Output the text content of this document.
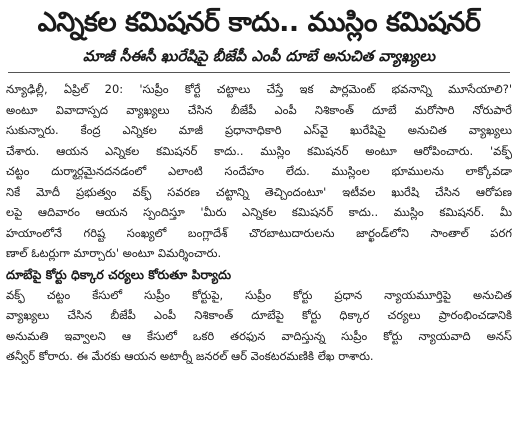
ఎన్నికల కమిషనర్ కాదు.. ముస్లిం కమిషనర్
మాజీ సీఈసీ ఖురేషిపై బీజేపీ ఎంపీ దూబే అనుచిత వ్యాఖ్యలు
న్యూఢిల్లీ, ఏప్రిల్ 20: 'సుప్రీం కోర్టే చట్టాలు చేస్తే ఇక పార్లమెంట్ భవనాన్ని మూసేయాలి?'
అంటూ వివాదాస్పద వ్యాఖ్యలు చేసిన బీజేపీ ఎంపీ నిశికాంత్ దూబే మరోసారి నోరుపారే
సుకున్నారు. కేంద్ర ఎన్నికల మాజీ ప్రధానాధికారి ఎస్‌వై ఖురేషిపై అనుచిత వ్యాఖ్యలు
చేశారు. ఆయన ఎన్నికల కమిషనర్ కాదు.. ముస్లిం కమిషనర్ అంటూ ఆరోపించారు. 'వక్ఫ్
చట్టం దుర్మార్గమైనదనడంలో ఎలాంటి సందేహం లేదు. ముస్లింల భూములను లాక్కోవడా
నికే మోదీ ప్రభుత్వం వక్ఫ్ సవరణ చట్టాన్ని తెచ్చిందంటూ' ఇటీవల ఖురేషి చేసిన ఆరోపణ
లపై ఆదివారం ఆయన స్పందిస్తూ 'మీరు ఎన్నికల కమిషనర్ కాదు.. ముస్లిం కమిషనర్. మీ
హయాంలోనే గరిష్ట సంఖ్యలో బంగ్లాదేశ్ చొరబాటుదారులను జార్ఖండ్‌లోని సాంతాల్ పరగ
ణాల్ ఓటర్లుగా మార్చారు' అంటూ విమర్శించారు.
దూబేపై కోర్టు ధిక్కార చర్యలు కోరుతూ పిర్యాదు
వక్ఫ్ చట్టం కేసులో సుప్రీం కోర్టుపై, సుప్రీం కోర్టు ప్రధాన న్యాయమూర్తిపై అనుచిత
వ్యాఖ్యలు చేసిన బీజేపీ ఎంపీ నిశికాంత్ దూబేపై కోర్టు ధిక్కార చర్యలు ప్రారంభించడానికి
అనుమతి ఇవ్వాలని ఆ కేసులో ఒకరి తరఫున వాదిస్తున్న సుప్రీం కోర్టు న్యాయవాది అనస్
తన్వీర్ కోరారు. ఈ మేరకు ఆయన అటార్నీ జనరల్ ఆర్ వెంకటరమణికి లేఖ రాశారు.
